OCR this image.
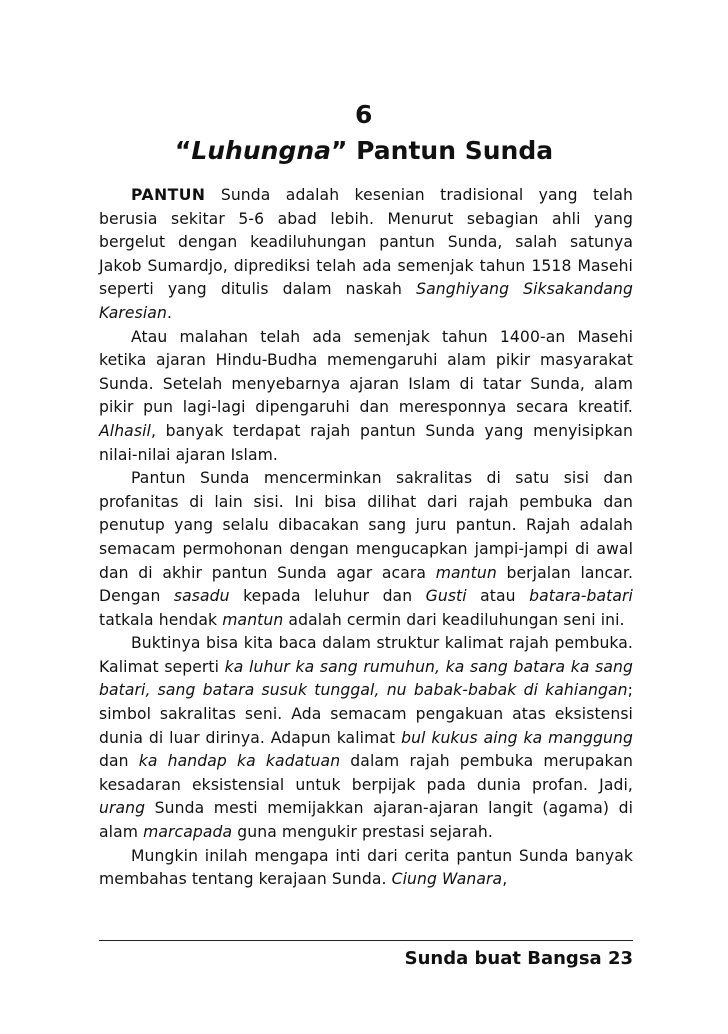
6
“Luhungna” Pantun Sunda

PANTUN Sunda adalah kesenian tradisional yang telah berusia sekitar 5-6 abad lebih. Menurut sebagian ahli yang bergelut dengan keadiluhungan pantun Sunda, salah satunya Jakob Sumardjo, diprediksi telah ada semenjak tahun 1518 Masehi seperti yang ditulis dalam naskah Sanghiyang Siksakandang Karesian.

Atau malahan telah ada semenjak tahun 1400-an Masehi ketika ajaran Hindu-Budha memengaruhi alam pikir masyarakat Sunda. Setelah menyebarnya ajaran Islam di tatar Sunda, alam pikir pun lagi-lagi dipengaruhi dan meresponnya secara kreatif. Alhasil, banyak terdapat rajah pantun Sunda yang menyisipkan nilai-nilai ajaran Islam.

Pantun Sunda mencerminkan sakralitas di satu sisi dan profanitas di lain sisi. Ini bisa dilihat dari rajah pembuka dan penutup yang selalu dibacakan sang juru pantun. Rajah adalah semacam permohonan dengan mengucapkan jampi-jampi di awal dan di akhir pantun Sunda agar acara mantun berjalan lancar. Dengan sasadu kepada leluhur dan Gusti atau batara-batari tatkala hendak mantun adalah cermin dari keadiluhungan seni ini.

Buktinya bisa kita baca dalam struktur kalimat rajah pembuka. Kalimat seperti ka luhur ka sang rumuhun, ka sang batara ka sang batari, sang batara susuk tunggal, nu babak-babak di kahiangan; simbol sakralitas seni. Ada semacam pengakuan atas eksistensi dunia di luar dirinya. Adapun kalimat bul kukus aing ka manggung dan ka handap ka kadatuan dalam rajah pembuka merupakan kesadaran eksistensial untuk berpijak pada dunia profan. Jadi, urang Sunda mesti memijakkan ajaran-ajaran langit (agama) di alam marcapada guna mengukir prestasi sejarah.

Mungkin inilah mengapa inti dari cerita pantun Sunda banyak membahas tentang kerajaan Sunda. Ciung Wanara,

Sunda buat Bangsa 23
